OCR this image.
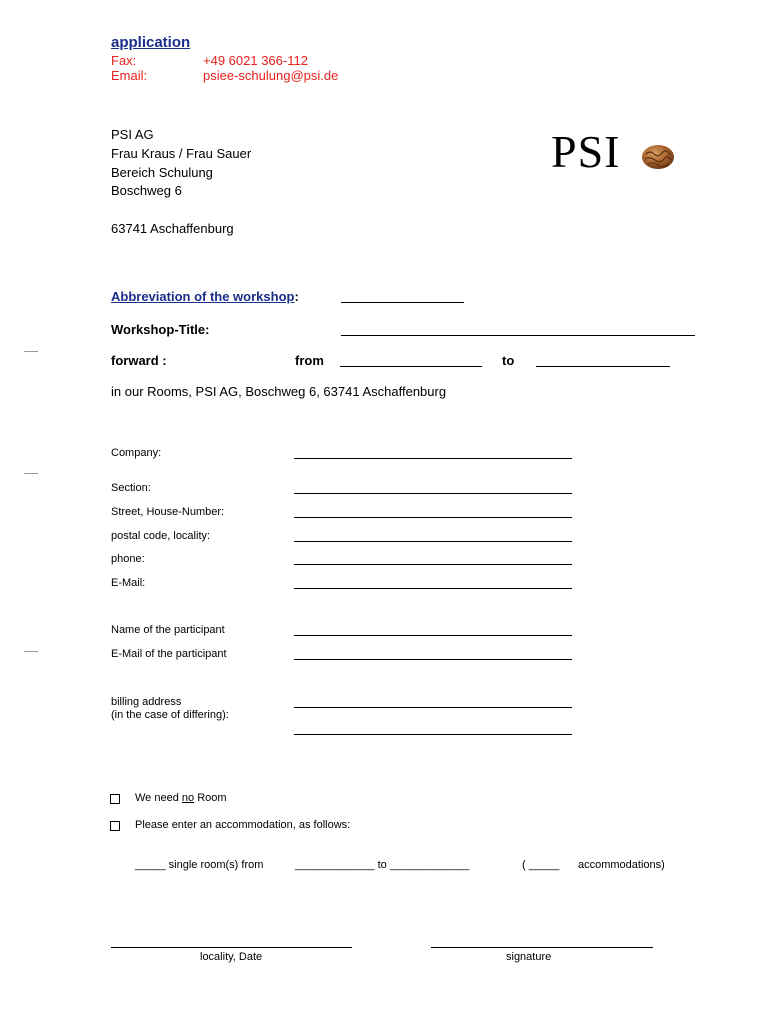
application
Fax:	+49 6021 366-112
Email:	psiee-schulung@psi.de
PSI AG
Frau Kraus / Frau Sauer
Bereich Schulung
Boschweg 6
63741 Aschaffenburg
PSI
Abbreviation of the workshop:
Workshop-Title:
forward :	from	to
in our Rooms, PSI AG, Boschweg 6, 63741 Aschaffenburg
Company:
Section:
Street, House-Number:
postal code, locality:
phone:
E-Mail:
Name of the participant
E-Mail of the participant
billing address
(in the case of differing):
We need no Room
Please enter an accommodation, as follows:
_____ single room(s) from	_____________ to _____________	( _____ accommodations)
locality, Date	signature
